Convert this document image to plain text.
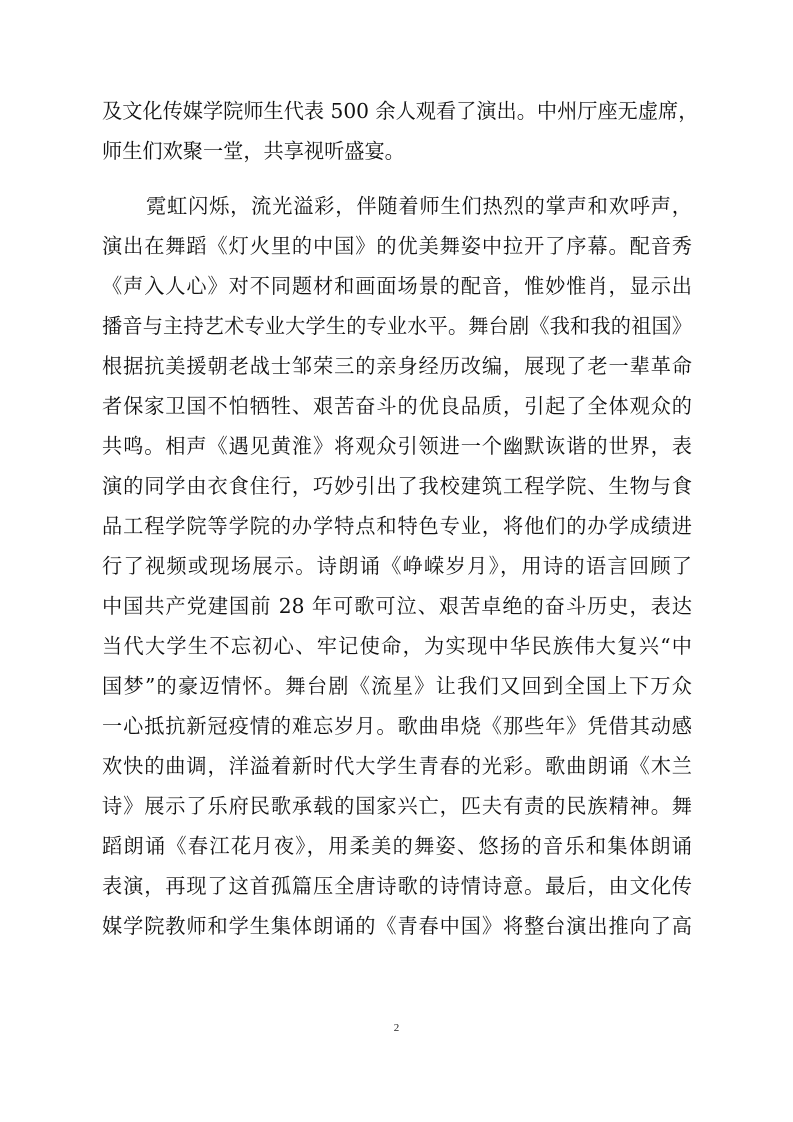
及文化传媒学院师生代表 500 余人观看了演出。中州厅座无虚席，
师生们欢聚一堂，共享视听盛宴。
霓虹闪烁，流光溢彩，伴随着师生们热烈的掌声和欢呼声，
演出在舞蹈《灯火里的中国》的优美舞姿中拉开了序幕。配音秀
《声入人心》对不同题材和画面场景的配音，惟妙惟肖，显示出
播音与主持艺术专业大学生的专业水平。舞台剧《我和我的祖国》
根据抗美援朝老战士邹荣三的亲身经历改编，展现了老一辈革命
者保家卫国不怕牺牲、艰苦奋斗的优良品质，引起了全体观众的
共鸣。相声《遇见黄淮》将观众引领进一个幽默诙谐的世界，表
演的同学由衣食住行，巧妙引出了我校建筑工程学院、生物与食
品工程学院等学院的办学特点和特色专业，将他们的办学成绩进
行了视频或现场展示。诗朗诵《峥嵘岁月》，用诗的语言回顾了
中国共产党建国前 28 年可歌可泣、艰苦卓绝的奋斗历史，表达
当代大学生不忘初心、牢记使命，为实现中华民族伟大复兴“中
国梦”的豪迈情怀。舞台剧《流星》让我们又回到全国上下万众
一心抵抗新冠疫情的难忘岁月。歌曲串烧《那些年》凭借其动感
欢快的曲调，洋溢着新时代大学生青春的光彩。歌曲朗诵《木兰
诗》展示了乐府民歌承载的国家兴亡，匹夫有责的民族精神。舞
蹈朗诵《春江花月夜》，用柔美的舞姿、悠扬的音乐和集体朗诵
表演，再现了这首孤篇压全唐诗歌的诗情诗意。最后，由文化传
媒学院教师和学生集体朗诵的《青春中国》将整台演出推向了高
2
